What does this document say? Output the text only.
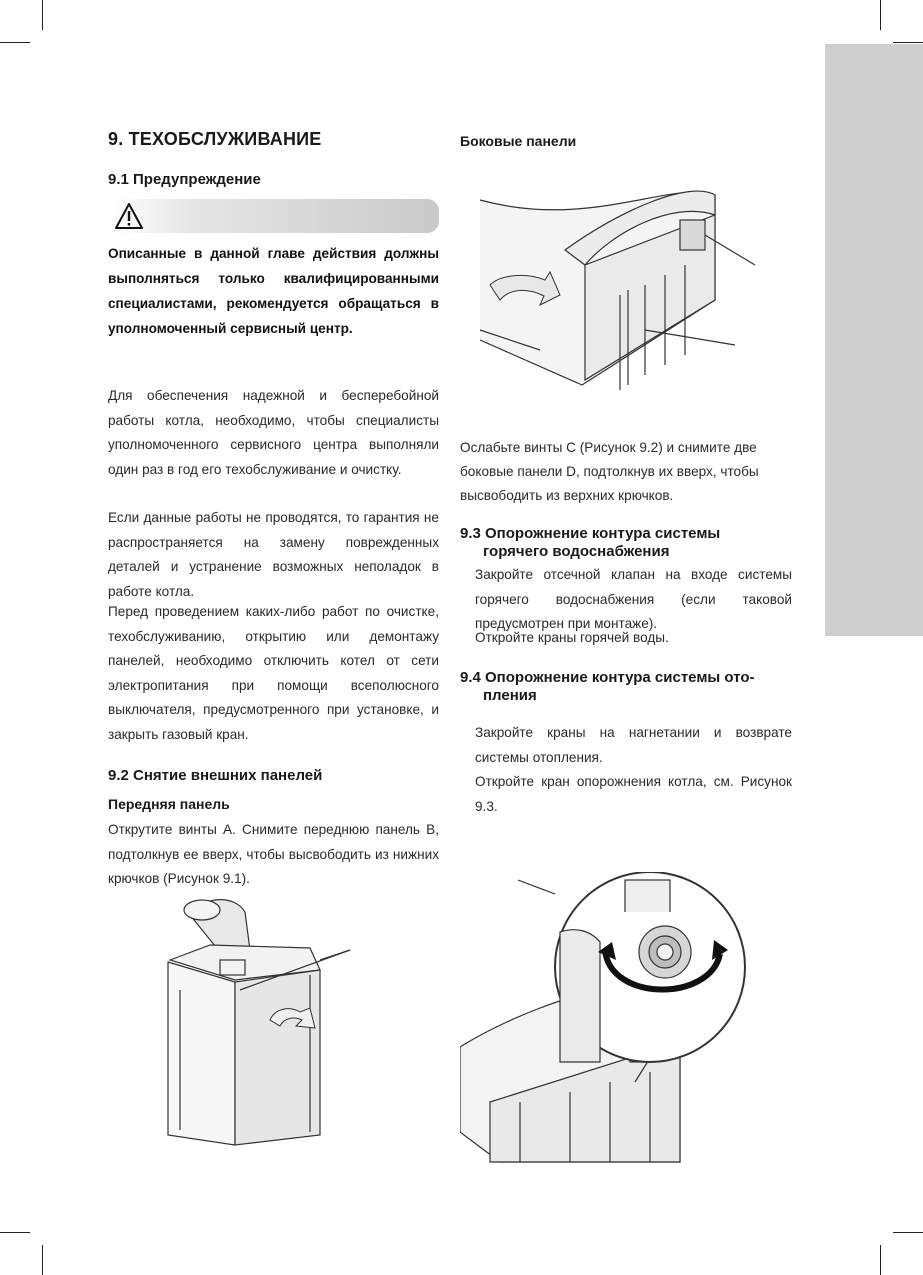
9. ТЕХОБСЛУЖИВАНИЕ
9.1 Предупреждение

Описанные в данной главе действия должны выполняться только квалифицированными специалистами, рекомендуется обращаться в уполномоченный сервисный центр.

Для обеспечения надежной и бесперебойной работы котла, необходимо, чтобы специалисты уполномоченного сервисного центра выполняли один раз в год его техобслуживание и очистку.

Если данные работы не проводятся, то гарантия не распространяется на замену поврежденных деталей и устранение возможных неполадок в работе котла.

Перед проведением каких-либо работ по очистке, техобслуживанию, открытию или демонтажу панелей, необходимо отключить котел от сети электропитания при помощи всеполюсного выключателя, предусмотренного при установке, и закрыть газовый кран.

9.2 Снятие внешних панелей
Передняя панель

Открутите винты A. Снимите переднюю панель B, подтолкнув ее вверх, чтобы высвободить из нижних крючков (Рисунок 9.1).

Боковые панели

Ослабьте винты C (Рисунок 9.2) и снимите две боковые панели D, подтолкнув их вверх, чтобы высвободить из верхних крючков.

9.3 Опорожнение контура системы
горячего водоснабжения

Закройте отсечной клапан на входе системы горячего водоснабжения (если таковой предусмотрен при монтаже).

Откройте краны горячей воды.

9.4 Опорожнение контура системы ото-
пления

Закройте краны на нагнетании и возврате системы отопления.

Откройте кран опорожнения котла, см. Рисунок 9.3.
